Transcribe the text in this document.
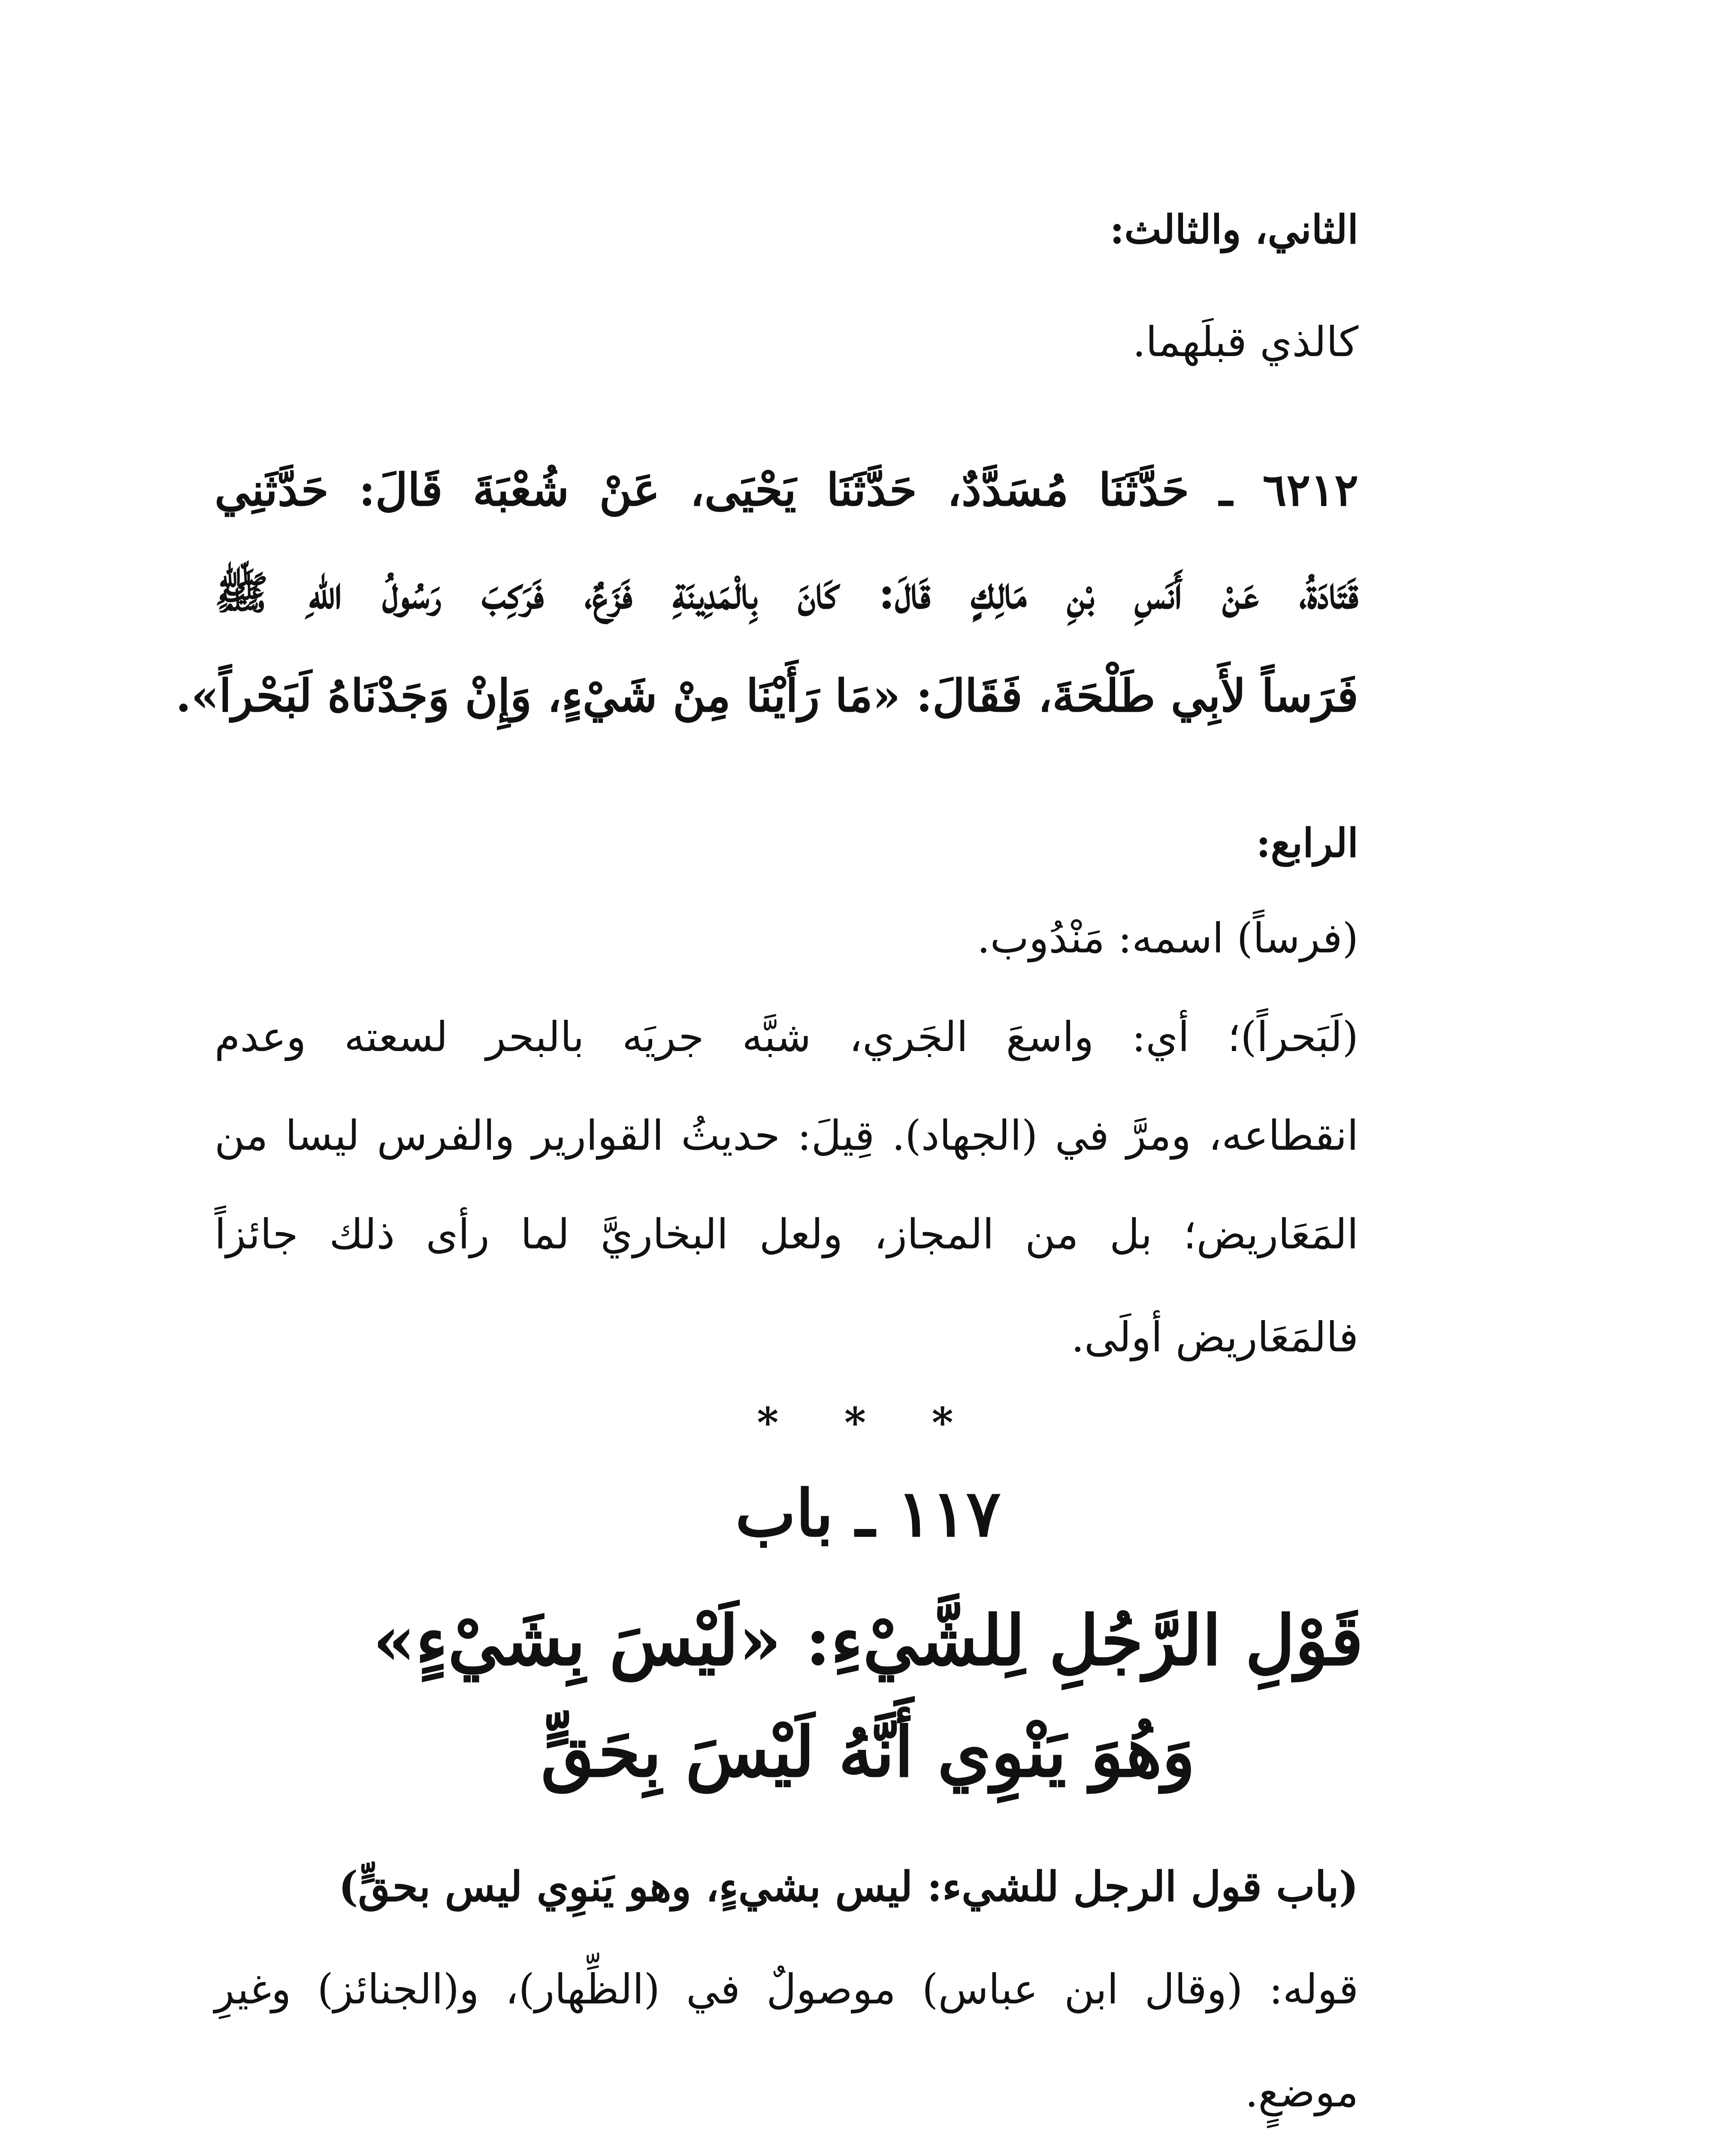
الثاني، والثالث:
كالذي قبلَهما.
٦٢١٢ ـ حَدَّثَنَا مُسَدَّدٌ، حَدَّثَنَا يَحْيَى، عَنْ شُعْبَةَ قَالَ: حَدَّثَنِي
قَتَادَةُ، عَنْ أَنَسِ بْنِ مَالِكٍ قَالَ: كَانَ بِالْمَدِينَةِ فَزَعٌ، فَرَكِبَ رَسُولُ اللهِ ﷺ
فَرَساً لأَبِي طَلْحَةَ، فَقَالَ: «مَا رَأَيْنَا مِنْ شَيْءٍ، وَإِنْ وَجَدْنَاهُ لَبَحْراً».
الرابع:
(فرساً) اسمه: مَنْدُوب.
(لَبَحراً)؛ أي: واسعَ الجَري، شبَّه جريَه بالبحر لسعته وعدم
انقطاعه، ومرَّ في (الجهاد). قِيلَ: حديثُ القوارير والفرس ليسا من
المَعَاريض؛ بل من المجاز، ولعل البخاريَّ لما رأى ذلك جائزاً
فالمَعَاريض أولَى.
* * *
١١٧ ـ باب
قَوْلِ الرَّجُلِ لِلشَّيْءِ: «لَيْسَ بِشَيْءٍ»
وَهُوَ يَنْوِي أَنَّهُ لَيْسَ بِحَقٍّ
(باب قول الرجل للشيء: ليس بشيءٍ، وهو يَنوِي ليس بحقٍّ)
قوله: (وقال ابن عباس) موصولٌ في (الظِّهار)، و(الجنائز) وغيرِ
موضعٍ.
